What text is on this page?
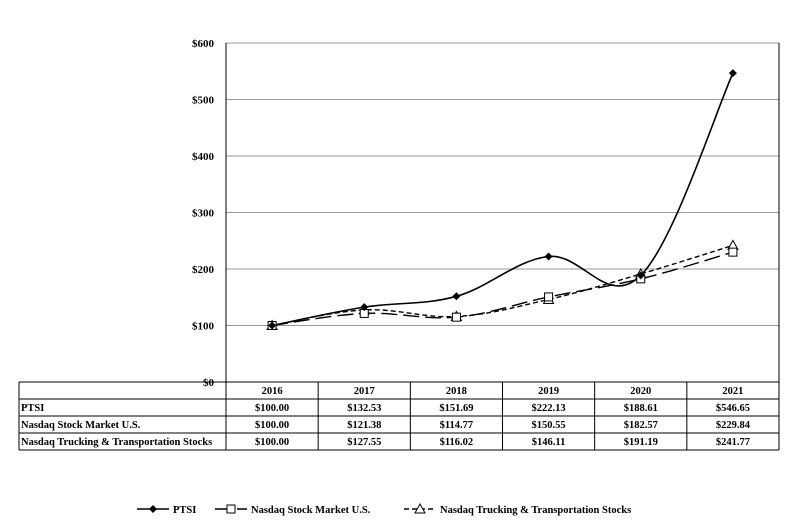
$0
$100
$200
$300
$400
$500
$600
2016	2017	2018	2019	2020	2021
PTSI	$100.00	$132.53	$151.69	$222.13	$188.61	$546.65
Nasdaq Stock Market U.S.	$100.00	$121.38	$114.77	$150.55	$182.57	$229.84
Nasdaq Trucking & Transportation Stocks	$100.00	$127.55	$116.02	$146.11	$191.19	$241.77
PTSI	Nasdaq Stock Market U.S.	Nasdaq Trucking & Transportation Stocks
